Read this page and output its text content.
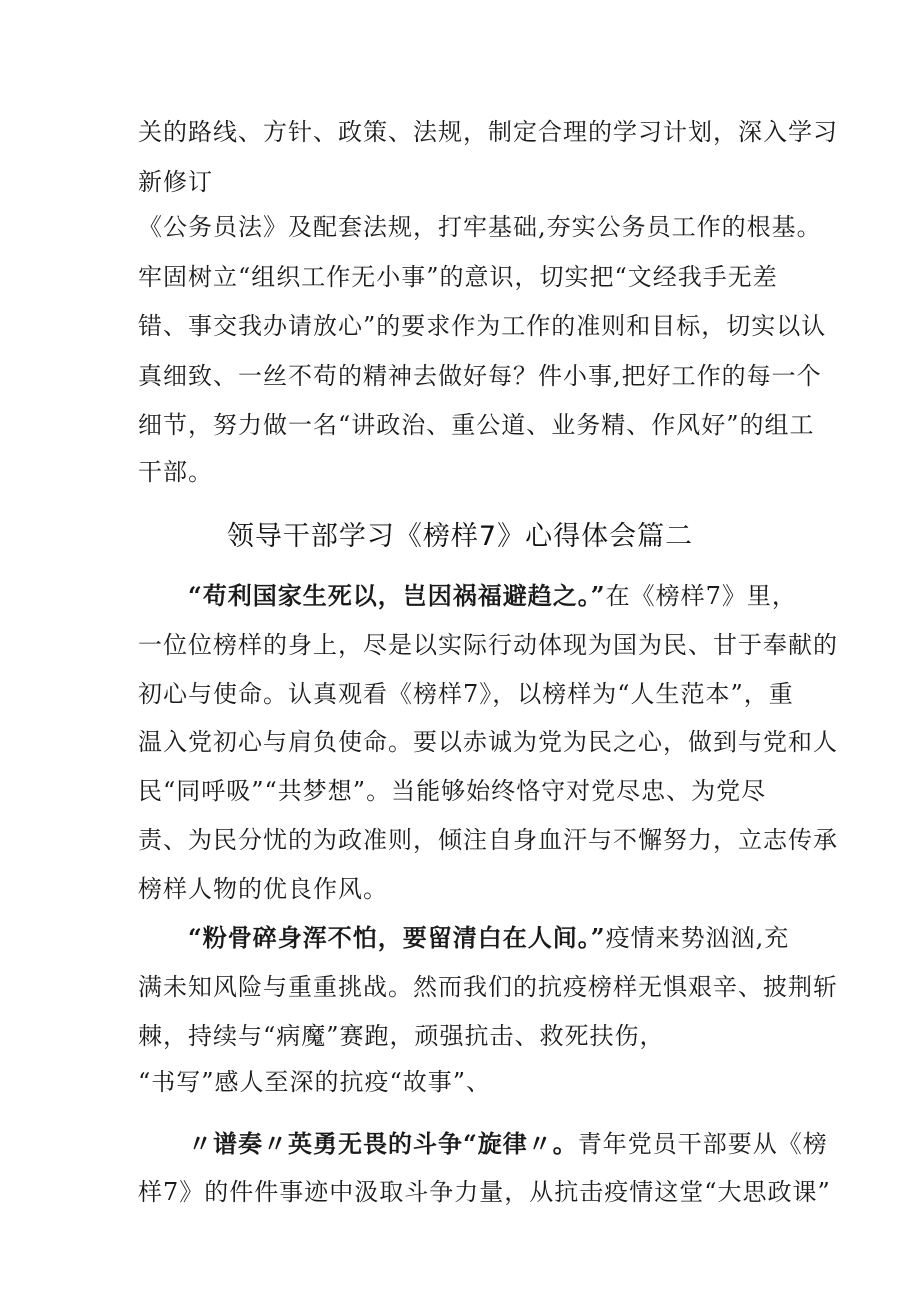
关的路线、方针、政策、法规，制定合理的学习计划，深入学习
新修订
《公务员法》及配套法规，打牢基础,夯实公务员工作的根基。
牢固树立“组织工作无小事”的意识，切实把“文经我手无差
错、事交我办请放心”的要求作为工作的准则和目标，切实以认
真细致、一丝不苟的精神去做好每？件小事,把好工作的每一个
细节，努力做一名“讲政治、重公道、业务精、作风好”的组工
干部。
领导干部学习《榜样7》心得体会篇二
“苟利国家生死以，岂因祸福避趋之。”在《榜样7》里，
一位位榜样的身上，尽是以实际行动体现为国为民、甘于奉献的
初心与使命。认真观看《榜样7》，以榜样为“人生范本”，重
温入党初心与肩负使命。要以赤诚为党为民之心，做到与党和人
民“同呼吸”“共梦想”。当能够始终恪守对党尽忠、为党尽
责、为民分忧的为政准则，倾注自身血汗与不懈努力，立志传承
榜样人物的优良作风。
“粉骨碎身浑不怕，要留清白在人间。”疫情来势汹汹,充
满未知风险与重重挑战。然而我们的抗疫榜样无惧艰辛、披荆斩
棘，持续与“病魔”赛跑，顽强抗击、救死扶伤，
“书写”感人至深的抗疫“故事”、
〃谱奏〃英勇无畏的斗争“旋律〃。青年党员干部要从《榜
样7》的件件事迹中汲取斗争力量，从抗击疫情这堂“大思政课”
